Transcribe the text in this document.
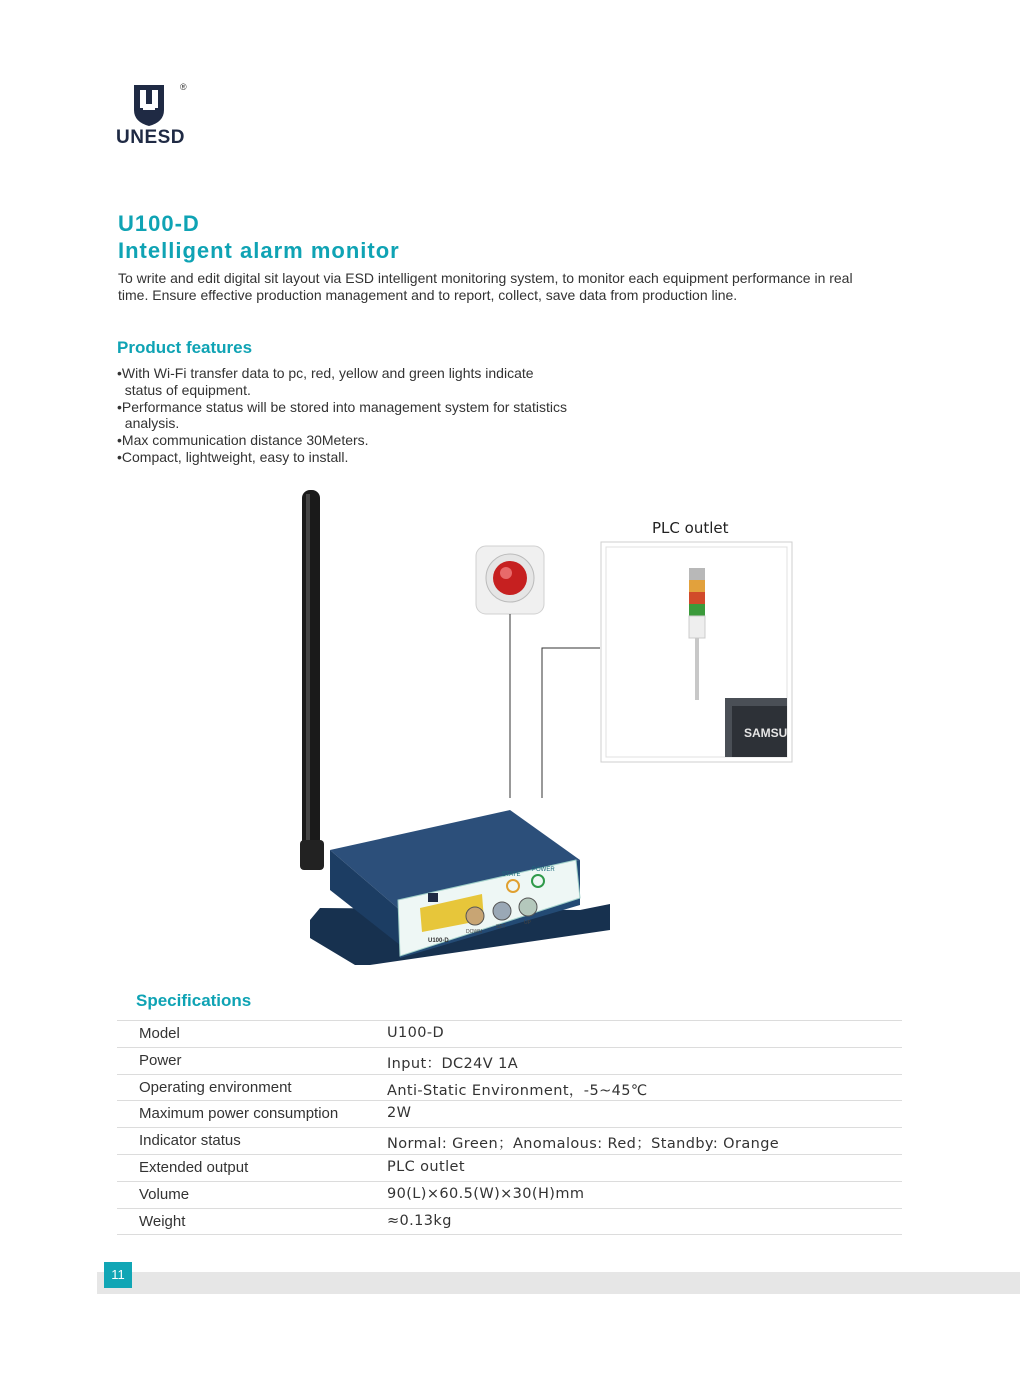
®
UNESD
U100-D
Intelligent alarm monitor
To write and edit digital sit layout via ESD intelligent monitoring system, to monitor each equipment performance in real time. Ensure effective production management and to report, collect, save data from production line.
Product features
•With Wi-Fi transfer data to pc, red, yellow and green lights indicate
status of equipment.
•Performance status will be stored into management system for statistics
analysis.
•Max communication distance 30Meters.
•Compact, lightweight, easy to install.
SAMSU
STATE
POWER
DOWN
SET
UP
U100-D
PLC outlet
Specifications
Model	U100-D
Power	Input：DC24V 1A
Operating environment	Anti-Static Environment，-5~45℃
Maximum power consumption	2W
Indicator status	Normal: Green；Anomalous: Red；Standby: Orange
Extended output	PLC outlet
Volume	90(L)×60.5(W)×30(H)mm
Weight	≈0.13kg
11
